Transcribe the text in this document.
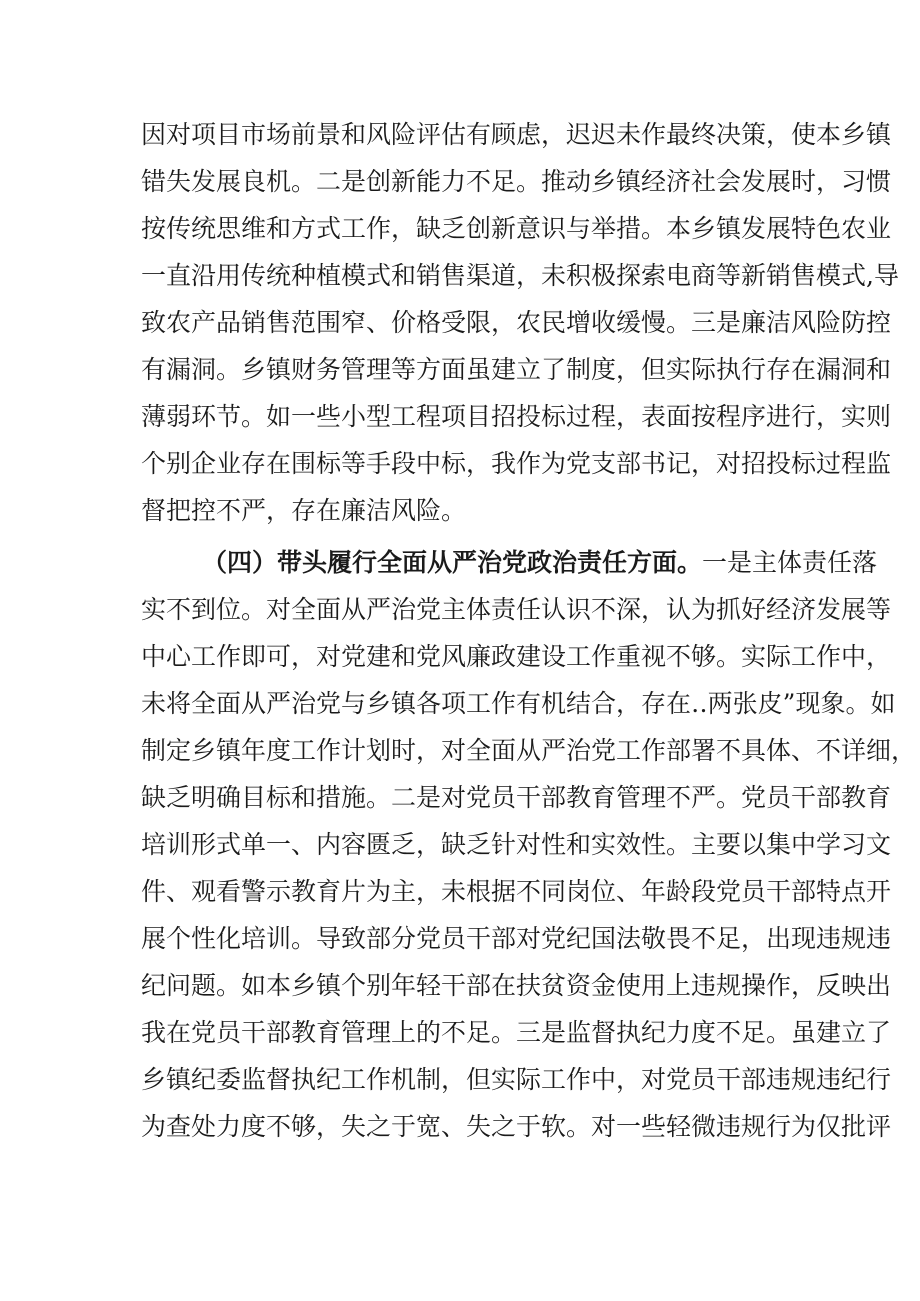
因对项目市场前景和风险评估有顾虑，迟迟未作最终决策，使本乡镇
错失发展良机。二是创新能力不足。推动乡镇经济社会发展时，习惯
按传统思维和方式工作，缺乏创新意识与举措。本乡镇发展特色农业
一直沿用传统种植模式和销售渠道，未积极探索电商等新销售模式,导
致农产品销售范围窄、价格受限，农民增收缓慢。三是廉洁风险防控
有漏洞。乡镇财务管理等方面虽建立了制度，但实际执行存在漏洞和
薄弱环节。如一些小型工程项目招投标过程，表面按程序进行，实则
个别企业存在围标等手段中标，我作为党支部书记，对招投标过程监
督把控不严，存在廉洁风险。
（四）带头履行全面从严治党政治责任方面。一是主体责任落
实不到位。对全面从严治党主体责任认识不深，认为抓好经济发展等
中心工作即可，对党建和党风廉政建设工作重视不够。实际工作中，
未将全面从严治党与乡镇各项工作有机结合，存在‥两张皮”现象。如
制定乡镇年度工作计划时，对全面从严治党工作部署不具体、不详细，
缺乏明确目标和措施。二是对党员干部教育管理不严。党员干部教育
培训形式单一、内容匮乏，缺乏针对性和实效性。主要以集中学习文
件、观看警示教育片为主，未根据不同岗位、年龄段党员干部特点开
展个性化培训。导致部分党员干部对党纪国法敬畏不足，出现违规违
纪问题。如本乡镇个别年轻干部在扶贫资金使用上违规操作，反映出
我在党员干部教育管理上的不足。三是监督执纪力度不足。虽建立了
乡镇纪委监督执纪工作机制，但实际工作中，对党员干部违规违纪行
为查处力度不够，失之于宽、失之于软。对一些轻微违规行为仅批评
